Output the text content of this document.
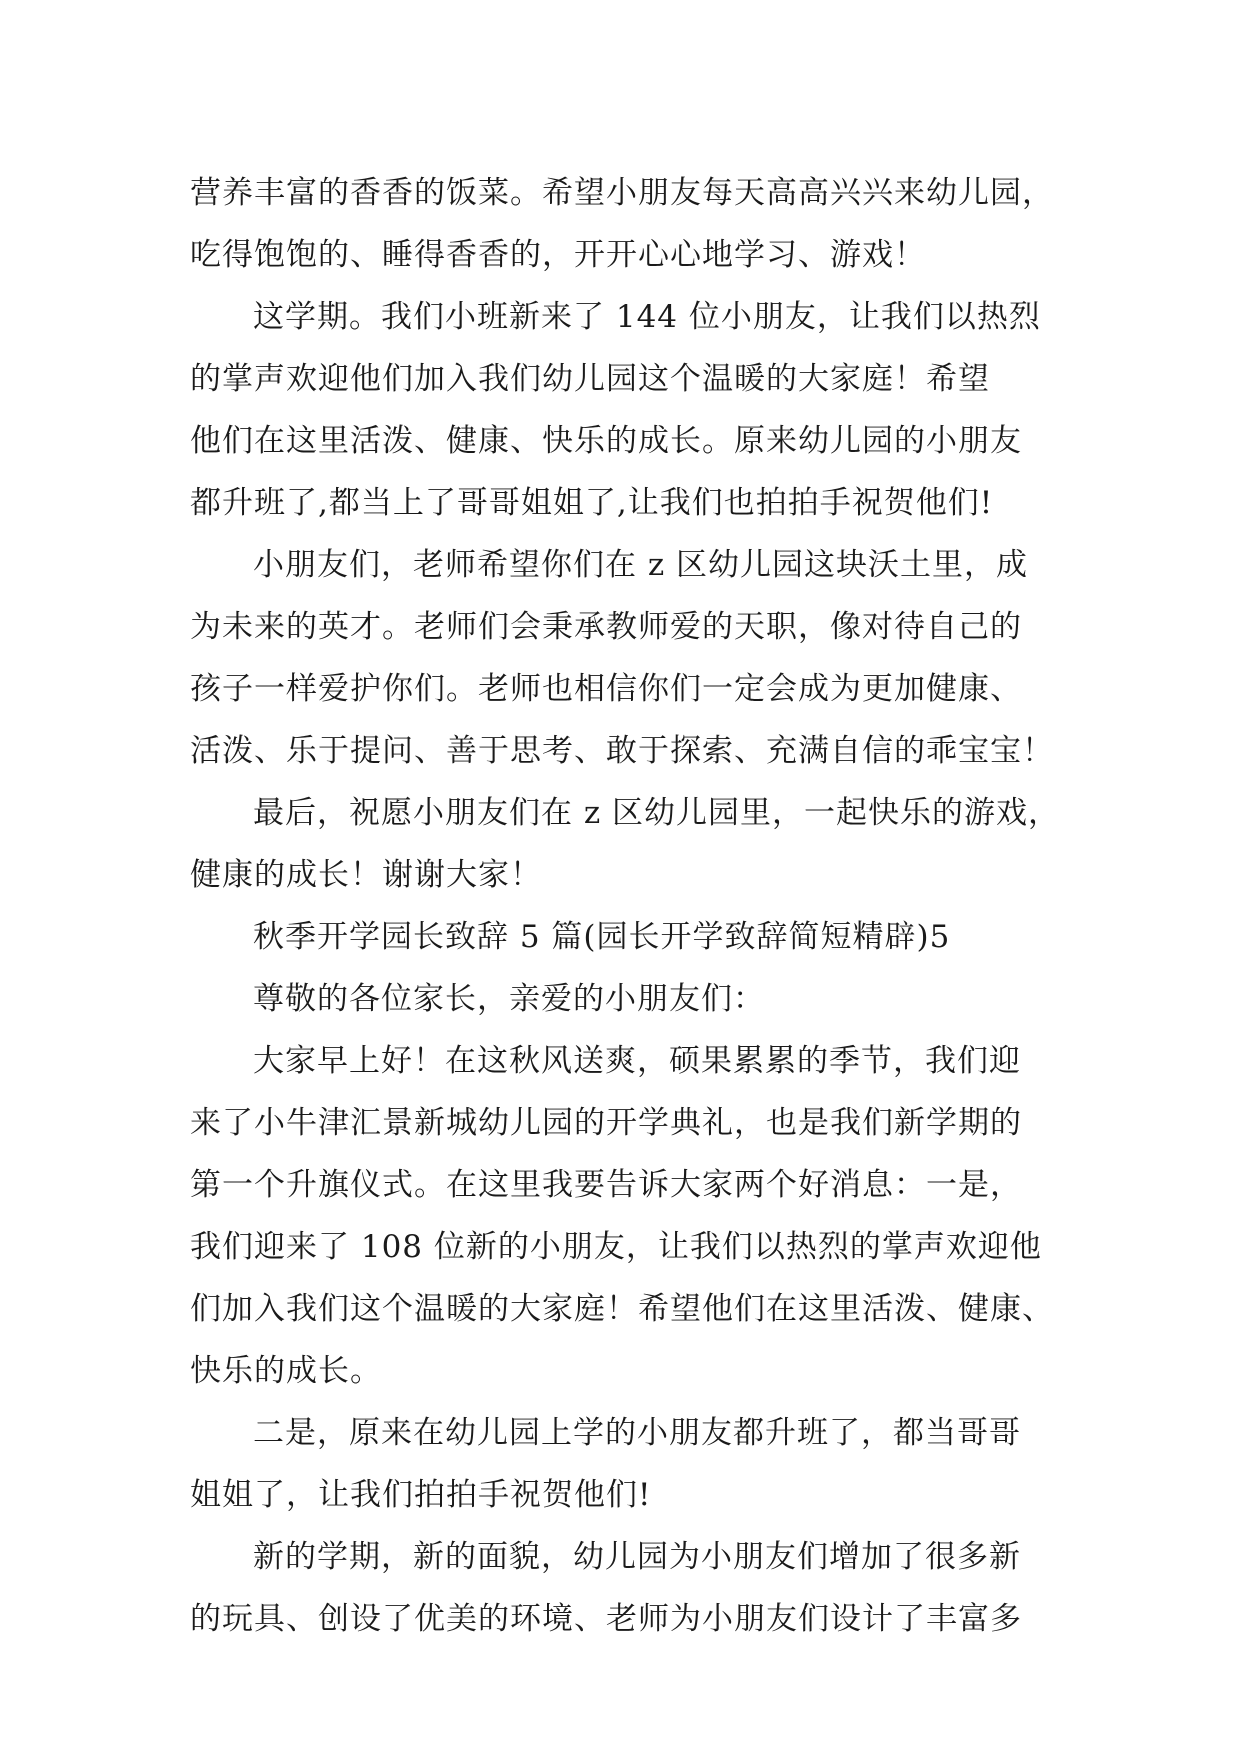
营养丰富的香香的饭菜。希望小朋友每天高高兴兴来幼儿园，
吃得饱饱的、睡得香香的，开开心心地学习、游戏！
这学期。我们小班新来了 144 位小朋友，让我们以热烈
的掌声欢迎他们加入我们幼儿园这个温暖的大家庭！希望
他们在这里活泼、健康、快乐的成长。原来幼儿园的小朋友
都升班了,都当上了哥哥姐姐了,让我们也拍拍手祝贺他们!
小朋友们，老师希望你们在 z 区幼儿园这块沃土里，成
为未来的英才。老师们会秉承教师爱的天职，像对待自己的
孩子一样爱护你们。老师也相信你们一定会成为更加健康、
活泼、乐于提问、善于思考、敢于探索、充满自信的乖宝宝！
最后，祝愿小朋友们在 z 区幼儿园里，一起快乐的游戏，
健康的成长！谢谢大家！
秋季开学园长致辞 5 篇(园长开学致辞简短精辟)5
尊敬的各位家长，亲爱的小朋友们：
大家早上好！在这秋风送爽，硕果累累的季节，我们迎
来了小牛津汇景新城幼儿园的开学典礼，也是我们新学期的
第一个升旗仪式。在这里我要告诉大家两个好消息：一是，
我们迎来了 108 位新的小朋友，让我们以热烈的掌声欢迎他
们加入我们这个温暖的大家庭！希望他们在这里活泼、健康、
快乐的成长。
二是，原来在幼儿园上学的小朋友都升班了，都当哥哥
姐姐了，让我们拍拍手祝贺他们!
新的学期，新的面貌，幼儿园为小朋友们增加了很多新
的玩具、创设了优美的环境、老师为小朋友们设计了丰富多
